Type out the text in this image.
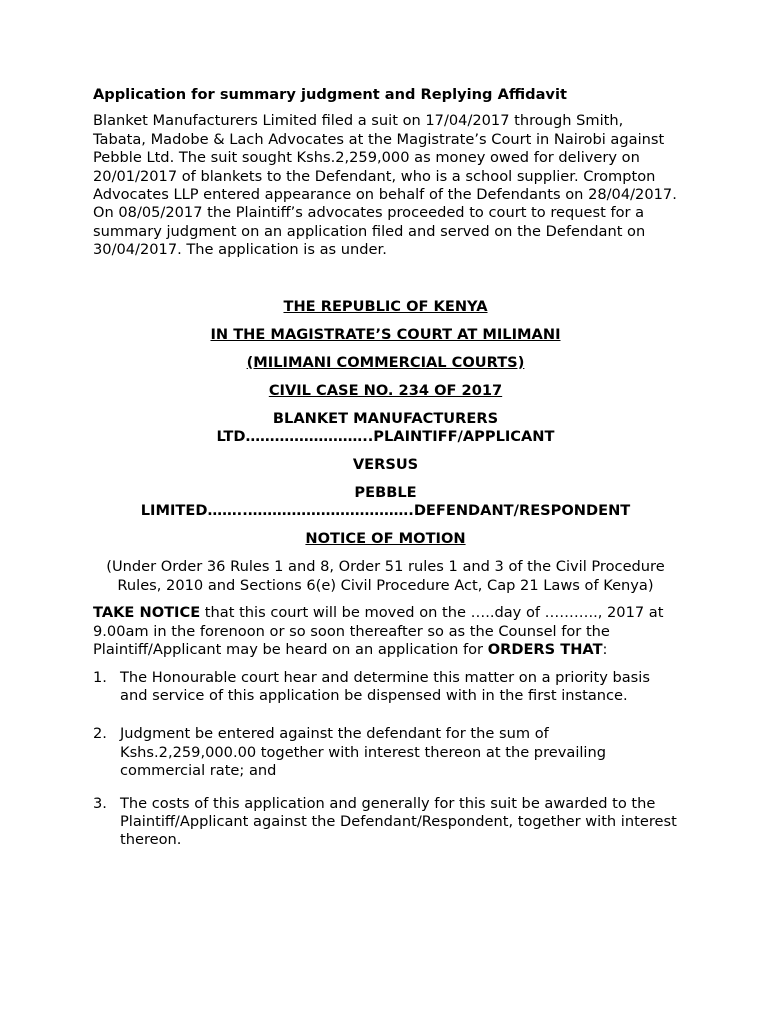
Application for summary judgment and Replying Affidavit

Blanket Manufacturers Limited filed a suit on 17/04/2017 through Smith, Tabata, Madobe & Lach Advocates at the Magistrate’s Court in Nairobi against Pebble Ltd. The suit sought Kshs.2,259,000 as money owed for delivery on 20/01/2017 of blankets to the Defendant, who is a school supplier. Crompton Advocates LLP entered appearance on behalf of the Defendants on 28/04/2017. On 08/05/2017 the Plaintiff’s advocates proceeded to court to request for a summary judgment on an application filed and served on the Defendant on 30/04/2017. The application is as under.

THE REPUBLIC OF KENYA

IN THE MAGISTRATE’S COURT AT MILIMANI

(MILIMANI COMMERCIAL COURTS)

CIVIL CASE NO. 234 OF 2017

BLANKET MANUFACTURERS
LTD……………………..PLAINTIFF/APPLICANT

VERSUS

PEBBLE
LIMITED……..…………………………….DEFENDANT/RESPONDENT

NOTICE OF MOTION

(Under Order 36 Rules 1 and 8, Order 51 rules 1 and 3 of the Civil Procedure Rules, 2010 and Sections 6(e) Civil Procedure Act, Cap 21 Laws of Kenya)

TAKE NOTICE that this court will be moved on the …..day of ……….., 2017 at 9.00am in the forenoon or so soon thereafter so as the Counsel for the Plaintiff/Applicant may be heard on an application for ORDERS THAT:

1. The Honourable court hear and determine this matter on a priority basis and service of this application be dispensed with in the first instance.
2. Judgment be entered against the defendant for the sum of Kshs.2,259,000.00 together with interest thereon at the prevailing commercial rate; and
3. The costs of this application and generally for this suit be awarded to the Plaintiff/Applicant against the Defendant/Respondent, together with interest thereon.
